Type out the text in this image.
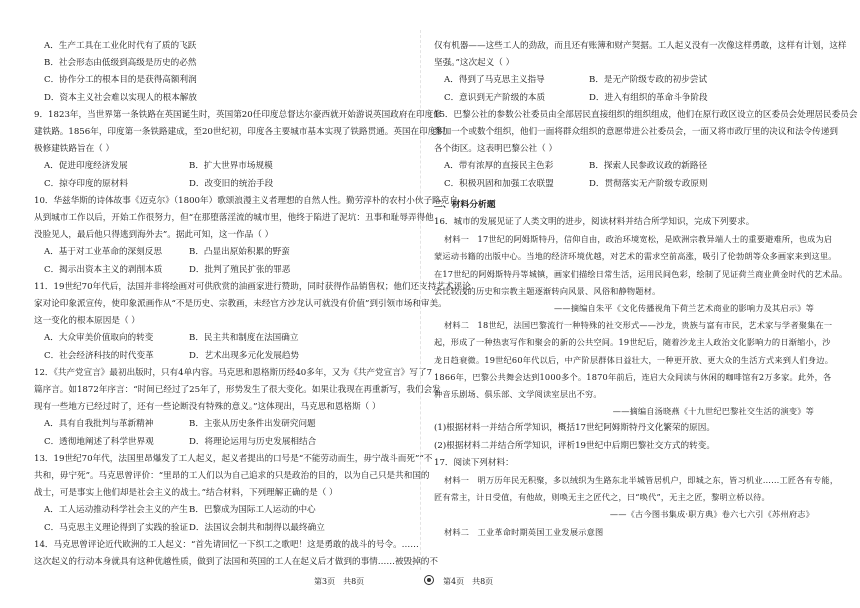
A．生产工具在工业化时代有了质的飞跃
B．社会形态由低级到高级是历史的必然
C．协作分工的根本目的是获得高额利润
D．资本主义社会难以实现人的根本解放
9．1823年，当世界第一条铁路在英国诞生时，英国第20任印度总督达尔豪西就开始游说英国政府在印度修
建铁路。1856年，印度第一条铁路建成，至20世纪初，印度各主要城市基本实现了铁路贯通。英国在印度积
极修建铁路旨在（ ）
A．促进印度经济发展	B．扩大世界市场规模
C．掠夺印度的原材料	D．改变旧的统治手段
10．华兹华斯的诗体故事《迈克尔》（1800年）歌颂浪漫主义者理想的自然人性。勤劳淳朴的农村小伙子路克自
从到城市工作以后，开始工作很努力，但“在那堕落淫流的城市里，他终于陷进了泥坑：丑事和耻辱弄得他
没脸见人，最后他只得逃到海外去”。据此可知，这一作品（ ）
A．基于对工业革命的深刻反思	B．凸显出原始积累的野蛮
C．揭示出资本主义的剥削本质	D．批判了殖民扩张的罪恶
11．19世纪70年代后，法国并非将绘画对可供欣赏的油画家进行赞助，同时获得作品销售权；他们还支持艺术评论
家对论印象派宣传，使印象派画作从“不是历史、宗教画，未经官方沙龙认可就没有价值”到引领市场和审美。
这一变化的根本原因是（ ）
A．大众审美价值取向的转变	B．民主共和制度在法国确立
C．社会经济科技的时代变革	D．艺术出现多元化发展趋势
12．《共产党宣言》最初出版时，只有4单内容。马克思和恩格斯历经40多年，又为《共产党宣言》写了7
篇序言。如1872年序言：“时间已经过了25年了，形势发生了很大变化。如果让我现在再重新写，我们会发
现有一些地方已经过时了，还有一些论断没有特殊的意义。”这体现出，马克思和恩格斯（ ）
A．具有自我批判与革新精神	B．主张从历史条件出发研究问题
C．透彻地阐述了科学世界观	D．将理论运用与历史发展相结合
13．19世纪70年代，法国里昂爆发了工人起义，起义者提出的口号是“不能劳动而生，毋宁战斗而死”“不
共和，毋宁死”。马克思曾评价：“里昂的工人们以为自己追求的只是政治的目的，以为自己只是共和国的
战士，可是事实上他们却是社会主义的战士。”结合材料，下列理解正确的是（ ）
A．工人运动推动科学社会主义的产生 B．巴黎成为国际工人运动的中心
C．马克思主义理论得到了实践的验证 D．法国议会制共和制得以最终确立
14．马克思曾评论近代欧洲的工人起义：“首先请回忆一下织工之歌吧！这是勇敢的战斗的号令。……
这次起义的行动本身就具有这种优越性质，做到了法国和英国的工人在起义后才做到的事情……被毁掉的不
仅有机器——这些工人的劲敌，而且还有账簿和财产契据。工人起义没有一次像这样勇敢，这样有计划，这样
坚强。”这次起义（ ）
A．得到了马克思主义指导	B．是无产阶级专政的初步尝试
C．意识到无产阶级的本质	D．进入有组织的革命斗争阶段
15．巴黎公社的参数公社委员由全部居民直接组织的组织组成，他们在原行政区设立的区委员会处理居民委员会
参加一个或数个组织，他们一面将群众组织的意愿带进公社委员会，一面又将市政厅里的决议和法令传递到
各个街区。这表明巴黎公社（ ）
A．带有浓厚的直接民主色彩	B．探索人民参政议政的新路径
C．积极巩固和加强工农联盟	D．贯彻落实无产阶级专政原则
二、材料分析题
16．城市的发展见证了人类文明的进步，阅读材料并结合所学知识，完成下列要求。
材料一　17世纪的阿姆斯特丹，信仰自由，政治环境宽松，是欧洲宗教异端人士的重要避难所，也成为启
蒙运动书籍的出版中心。当地的经济环境优越，对艺术的需求空前高涨，吸引了伦勃朗等众多画家来到这里。
在17世纪的阿姆斯特丹等城镇，画家们描绘日常生活，运用民间色彩，绘制了见证荷兰商业黄金时代的艺术品。
去比较浅的历史和宗教主题逐渐转向风景、风俗和静物题材。
——摘编自朱平《文化传播视角下荷兰艺术商业的影响力及其启示》等
材料二　18世纪，法国巴黎流行一种特殊的社交形式——沙龙，贵族与富有市民，艺术家与学者聚集在一
起，形成了一种热衷写作和聚会的新的公共空间。19世纪后，随着沙龙主人政治文化影响力的日渐缩小，沙
龙日趋衰微。19世纪60年代以后，中产阶层群体日益壮大，一种更开放、更大众的生活方式来到人们身边。
1866年，巴黎公共舞会达到1000多个。1870年前后，连启大众间读与休闲的咖啡馆有2万多家。此外，各
种音乐剧场、俱乐部、文学阅读室层出不穷。
——摘编自汤晓燕《十九世纪巴黎社交生活的演变》等
(1)根据材料一并结合所学知识，概括17世纪阿姆斯特丹文化繁荣的原因。
(2)根据材料二并结合所学知识，评析19世纪中后期巴黎社交方式的转变。
17．阅读下列材料：
材料一　明万历年民无积聚，多以绒织为生路东北半城皆居机户，即城之东，皆习机业……工匠各有专能，
匠有常主，计日受值，有他故，则唤无主之匠代之，曰“唤代”，无主之匠，黎明立桥以待。
——《古今图书集成·职方典》卷六七六引《苏州府志》
材料二　工业革命时期英国工业发展示意图
第3页　共8页	第4页　共8页
